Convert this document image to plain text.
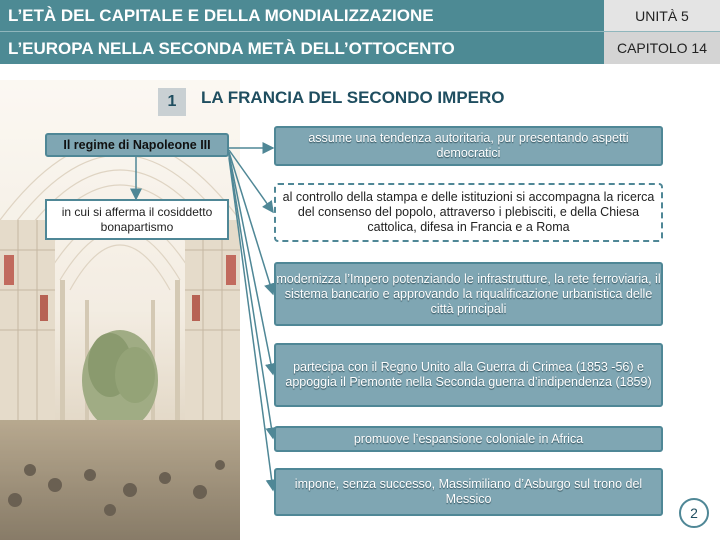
L’ETÀ DEL CAPITALE E DELLA MONDIALIZZAZIONE
L’EUROPA NELLA SECONDA METÀ DELL’OTTOCENTO
UNITÀ 5
CAPITOLO 14
1	LA FRANCIA DEL SECONDO IMPERO
Il regime di Napoleone III
in cui si afferma il cosiddetto bonapartismo
assume una tendenza autoritaria, pur presentando aspetti democratici
al controllo della stampa e delle istituzioni si accompagna la ricerca del consenso del popolo, attraverso i plebisciti, e della Chiesa cattolica, difesa in Francia e a Roma
modernizza l’Impero potenziando le infrastrutture, la rete ferroviaria, il sistema bancario e approvando la riqualificazione urbanistica delle città principali
partecipa con il Regno Unito alla Guerra di Crimea (1853 -56) e appoggia il Piemonte nella Seconda guerra d’indipendenza (1859)
promuove l’espansione coloniale in Africa
impone, senza successo, Massimiliano d’Asburgo sul trono del Messico
2
